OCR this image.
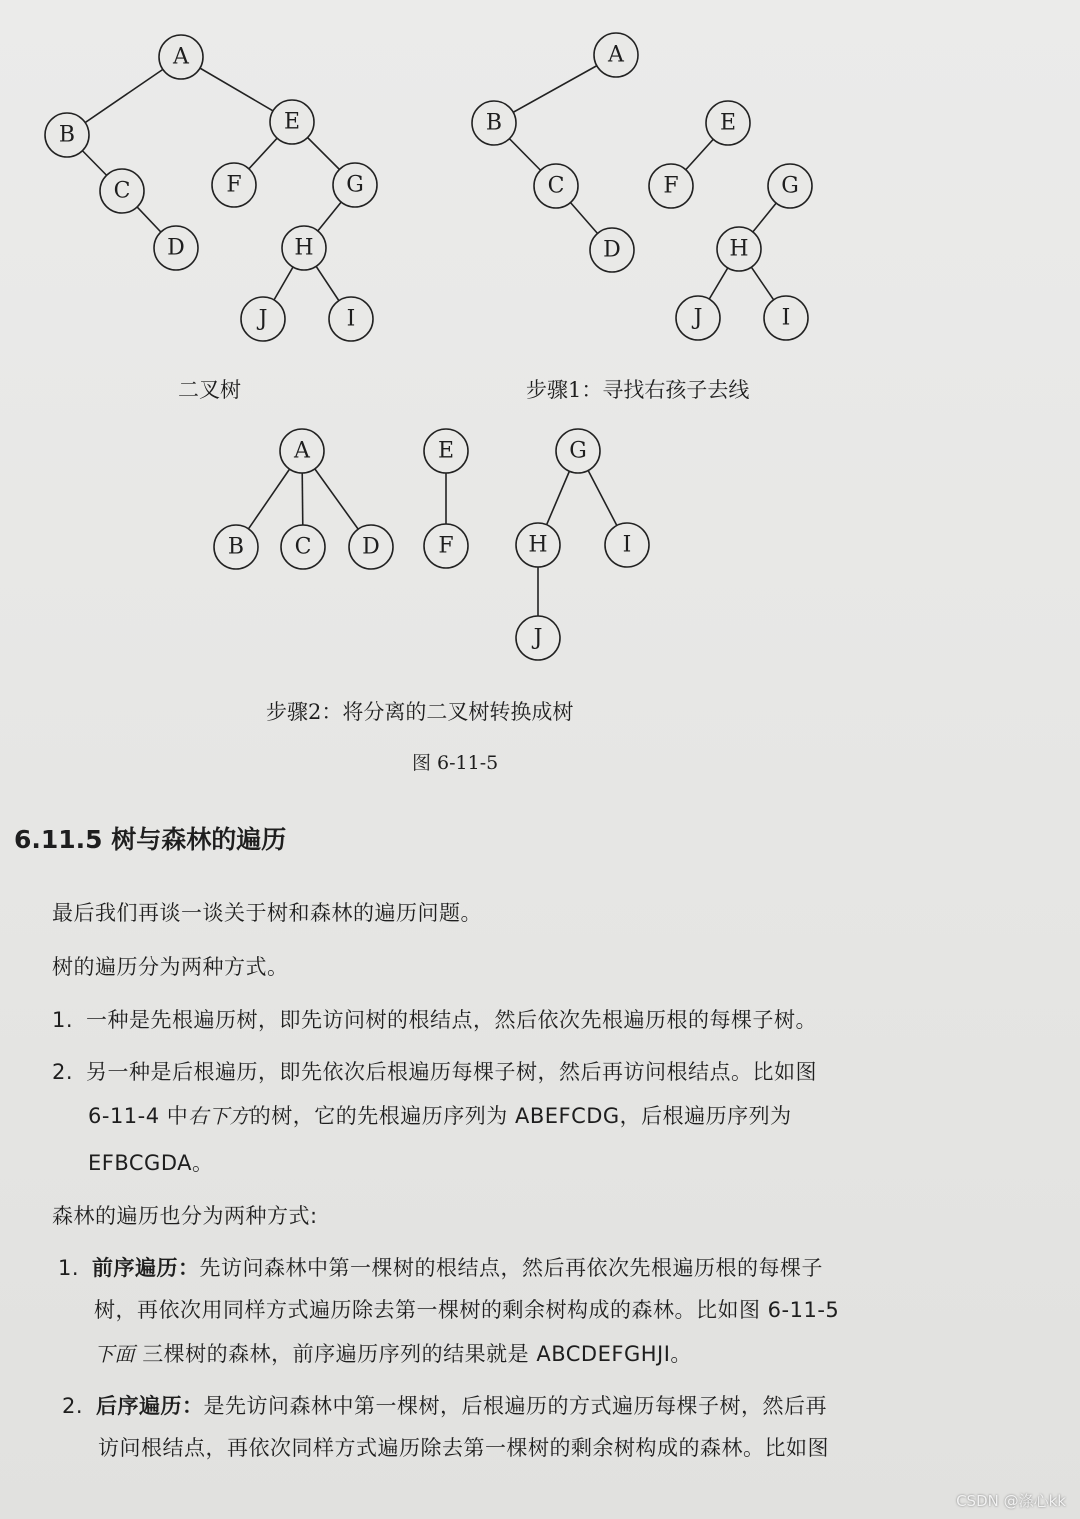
A
B
E
C
D
F	G
H
J	I
A
B
C
D
E
F	G
H
J	I
A
B C D
E
F
G
H	I
J
二叉树	步骤1：寻找右孩子去线
步骤2：将分离的二叉树转换成树
图 6-11-5
6.11.5 树与森林的遍历
最后我们再谈一谈关于树和森林的遍历问题。
树的遍历分为两种方式。
1. 一种是先根遍历树，即先访问树的根结点，然后依次先根遍历根的每棵子树。
2. 另一种是后根遍历，即先依次后根遍历每棵子树，然后再访问根结点。比如图
6-11-4 中右下方的树，它的先根遍历序列为 ABEFCDG，后根遍历序列为
EFBCGDA。
森林的遍历也分为两种方式:
1. 前序遍历：先访问森林中第一棵树的根结点，然后再依次先根遍历根的每棵子
树，再依次用同样方式遍历除去第一棵树的剩余树构成的森林。比如图 6-11-5
下面 三棵树的森林，前序遍历序列的结果就是 ABCDEFGHJI。
2. 后序遍历：是先访问森林中第一棵树，后根遍历的方式遍历每棵子树，然后再
访问根结点，再依次同样方式遍历除去第一棵树的剩余树构成的森林。比如图
CSDN @涤心kk
